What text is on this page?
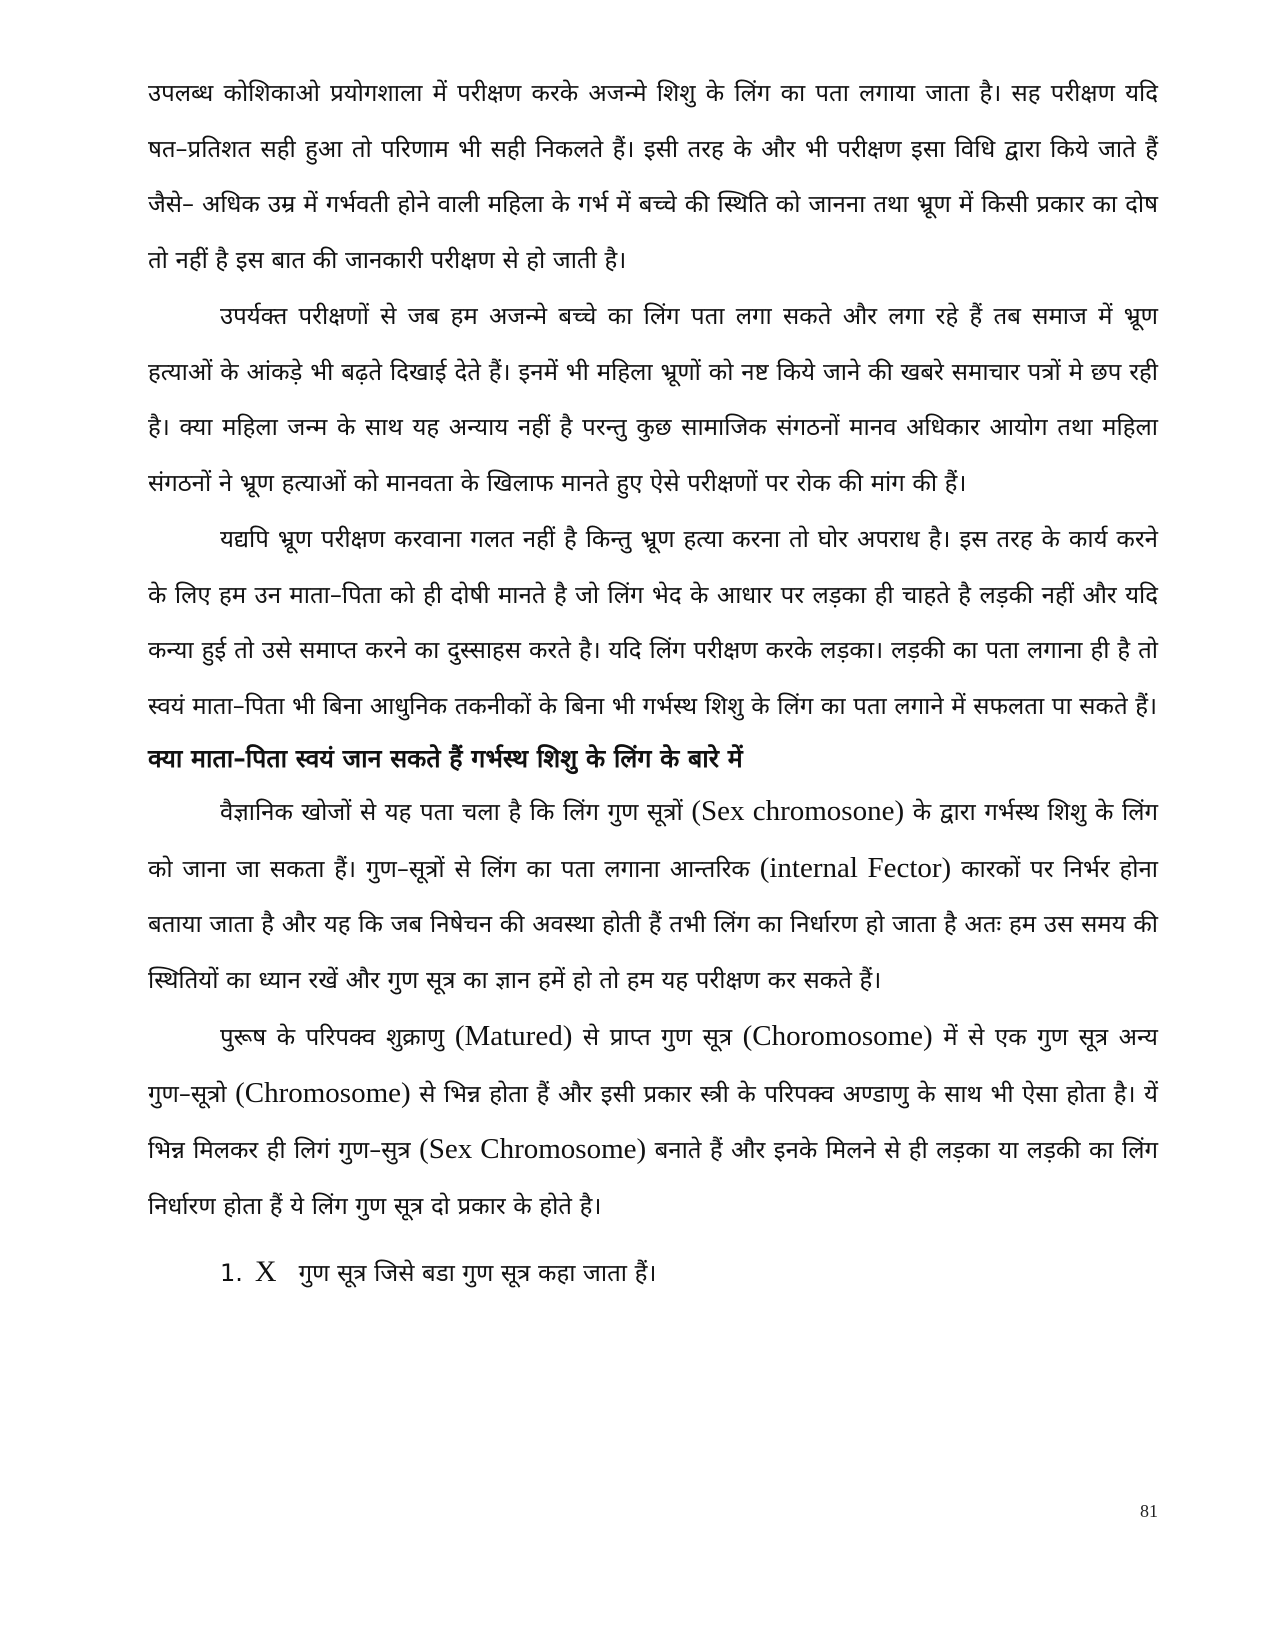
उपलब्ध कोशिकाओ प्रयोगशाला में परीक्षण करके अजन्मे शिशु के लिंग का पता लगाया जाता है। सह परीक्षण यदि षत–प्रतिशत सही हुआ तो परिणाम भी सही निकलते हैं। इसी तरह के और भी परीक्षण इसा विधि द्वारा किये जाते हैं जैसे– अधिक उम्र में गर्भवती होने वाली महिला के गर्भ में बच्चे की स्थिति को जानना तथा भ्रूण में किसी प्रकार का दोष तो नहीं है इस बात की जानकारी परीक्षण से हो जाती है।

उपर्यक्त परीक्षणों से जब हम अजन्मे बच्चे का लिंग पता लगा सकते और लगा रहे हैं तब समाज में भ्रूण हत्याओं के आंकड़े भी बढ़ते दिखाई देते हैं। इनमें भी महिला भ्रूणों को नष्ट किये जाने की खबरे समाचार पत्रों मे छप रही है। क्या महिला जन्म के साथ यह अन्याय नहीं है परन्तु कुछ सामाजिक संगठनों मानव अधिकार आयोग तथा महिला संगठनों ने भ्रूण हत्याओं को मानवता के खिलाफ मानते हुए ऐसे परीक्षणों पर रोक की मांग की हैं।

यद्यपि भ्रूण परीक्षण करवाना गलत नहीं है किन्तु भ्रूण हत्या करना तो घोर अपराध है। इस तरह के कार्य करने के लिए हम उन माता–पिता को ही दोषी मानते है जो लिंग भेद के आधार पर लड़का ही चाहते है लड़की नहीं और यदि कन्या हुई तो उसे समाप्त करने का दुस्साहस करते है। यदि लिंग परीक्षण करके लड़का। लड़की का पता लगाना ही है तो स्वयं माता–पिता भी बिना आधुनिक तकनीकों के बिना भी गर्भस्थ शिशु के लिंग का पता लगाने में सफलता पा सकते हैं।

क्या माता–पिता स्वयं जान सकते हैं गर्भस्थ शिशु के लिंग के बारे में

वैज्ञानिक खोजों से यह पता चला है कि लिंग गुण सूत्रों (Sex chromosone) के द्वारा गर्भस्थ शिशु के लिंग को जाना जा सकता हैं। गुण–सूत्रों से लिंग का पता लगाना आन्तरिक (internal Fector) कारकों पर निर्भर होना बताया जाता है और यह कि जब निषेचन की अवस्था होती हैं तभी लिंग का निर्धारण हो जाता है अतः हम उस समय की स्थितियों का ध्यान रखें और गुण सूत्र का ज्ञान हमें हो तो हम यह परीक्षण कर सकते हैं।

पुरूष के परिपक्व शुक्राणु (Matured) से प्राप्त गुण सूत्र (Choromosome) में से एक गुण सूत्र अन्य गुण–सूत्रो (Chromosome) से भिन्न होता हैं और इसी प्रकार स्त्री के परिपक्व अण्डाणु के साथ भी ऐसा होता है। यें भिन्न मिलकर ही लिगं गुण–सुत्र (Sex Chromosome) बनाते हैं और इनके मिलने से ही लड़का या लड़की का लिंग निर्धारण होता हैं ये लिंग गुण सूत्र दो प्रकार के होते है।

1. X गुण सूत्र जिसे बडा गुण सूत्र कहा जाता हैं।

81
